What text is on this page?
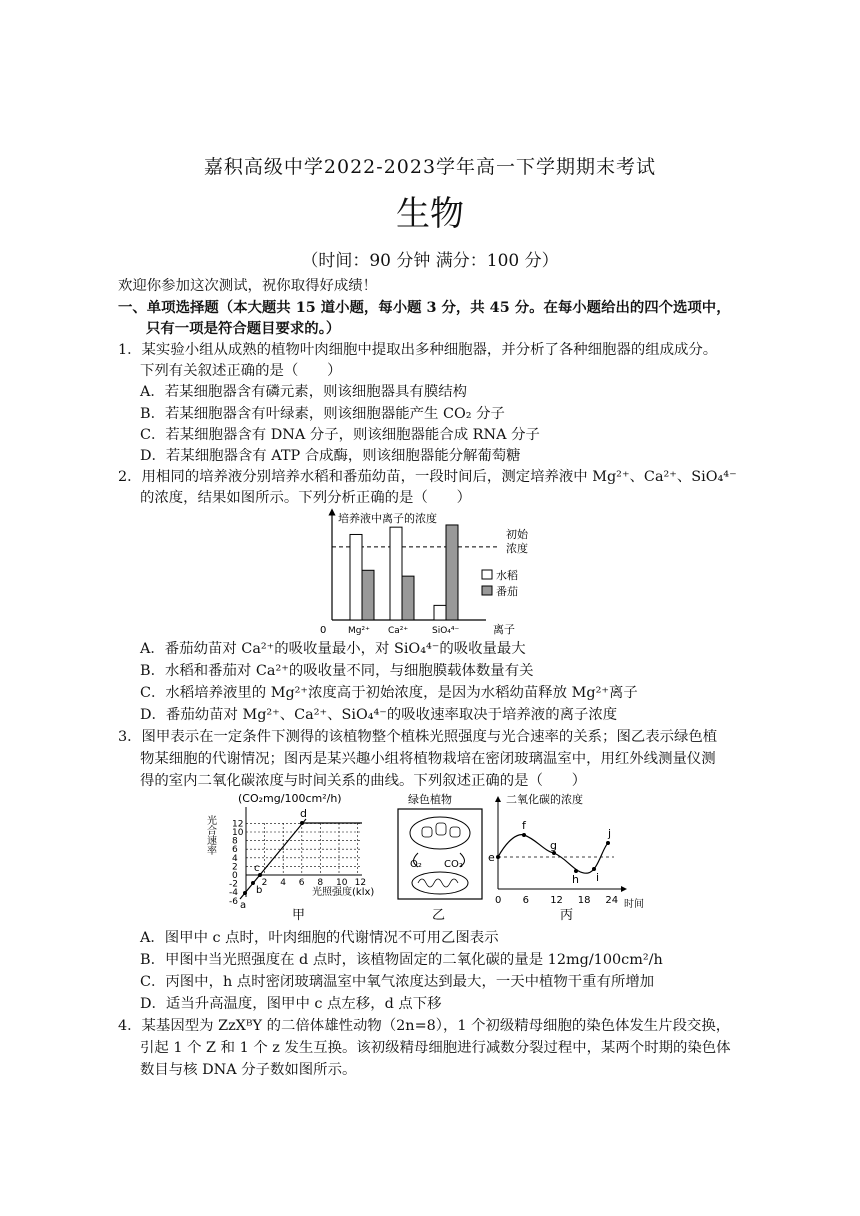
嘉积高级中学2022-2023学年高一下学期期末考试
生物
（时间：90 分钟 满分：100 分）
欢迎你参加这次测试，祝你取得好成绩！
一、单项选择题（本大题共 15 道小题，每小题 3 分，共 45 分。在每小题给出的四个选项中，
只有一项是符合题目要求的。）
1．某实验小组从成熟的植物叶肉细胞中提取出多种细胞器，并分析了各种细胞器的组成成分。
下列有关叙述正确的是（　　）
A．若某细胞器含有磷元素，则该细胞器具有膜结构
B．若某细胞器含有叶绿素，则该细胞器能产生 CO₂ 分子
C．若某细胞器含有 DNA 分子，则该细胞器能合成 RNA 分子
D．若某细胞器含有 ATP 合成酶，则该细胞器能分解葡萄糖
2．用相同的培养液分别培养水稻和番茄幼苗，一段时间后，测定培养液中 Mg²⁺、Ca²⁺、SiO₄⁴⁻
的浓度，结果如图所示。下列分析正确的是（　　）
培养液中离子的浓度
0	离子
初始
浓度
Mg²⁺ Ca²⁺	SiO₄⁴⁻
水稻
番茄
A．番茄幼苗对 Ca²⁺的吸收量最小，对 SiO₄⁴⁻的吸收量最大
B．水稻和番茄对 Ca²⁺的吸收量不同，与细胞膜载体数量有关
C．水稻培养液里的 Mg²⁺浓度高于初始浓度，是因为水稻幼苗释放 Mg²⁺离子
D．番茄幼苗对 Mg²⁺、Ca²⁺、SiO₄⁴⁻的吸收速率取决于培养液的离子浓度
3．图甲表示在一定条件下测得的该植物整个植株光照强度与光合速率的关系；图乙表示绿色植
物某细胞的代谢情况；图丙是某兴趣小组将植物栽培在密闭玻璃温室中，用红外线测量仪测
得的室内二氧化碳浓度与时间关系的曲线。下列叙述正确的是（　　）
(CO₂mg/100cm²/h)
光合速率 12
10
8
6
4
2
0
-2
-4
-6
2 4 6 8 10 12
a
b
c
d
光照强度(klx)
甲
绿色植物
O₂ CO₂
乙
二氧化碳的浓度
e
f
g
h i
j
0 6 12 18 24 时间
丙
A．图甲中 c 点时，叶肉细胞的代谢情况不可用乙图表示
B．甲图中当光照强度在 d 点时，该植物固定的二氧化碳的量是 12mg/100cm²/h
C．丙图中，h 点时密闭玻璃温室中氧气浓度达到最大，一天中植物干重有所增加
D．适当升高温度，图甲中 c 点左移，d 点下移
4．某基因型为 ZzXᴮY 的二倍体雄性动物（2n=8），1 个初级精母细胞的染色体发生片段交换，
引起 1 个 Z 和 1 个 z 发生互换。该初级精母细胞进行减数分裂过程中，某两个时期的染色体
数目与核 DNA 分子数如图所示。
